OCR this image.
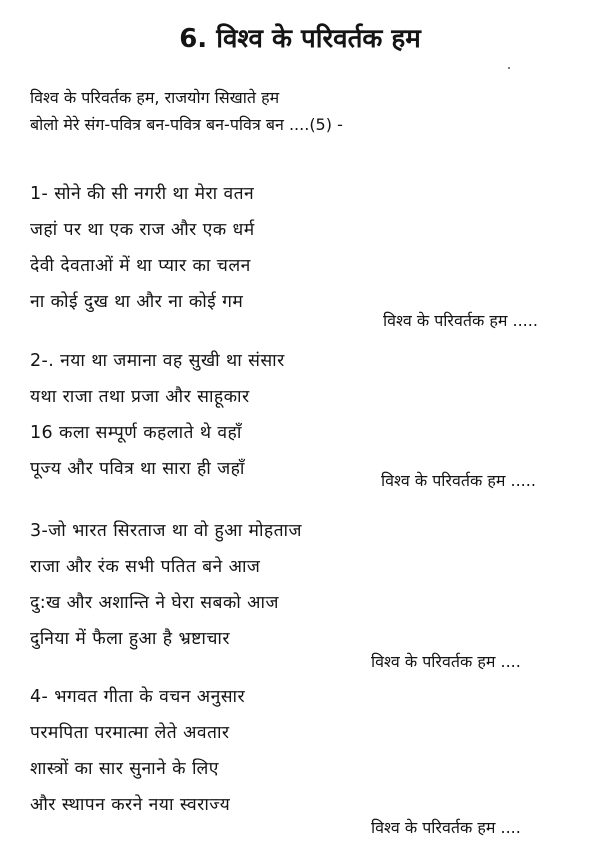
6. विश्व के परिवर्तक हम
विश्व के परिवर्तक हम, राजयोग सिखाते हम
बोलो मेरे संग-पवित्र बन-पवित्र बन-पवित्र बन ....(5) -
1- सोने की सी नगरी था मेरा वतन
जहां पर था एक राज और एक धर्म
देवी देवताओं में था प्यार का चलन
ना कोई दुख था और ना कोई गम
विश्व के परिवर्तक हम .....
2-. नया था जमाना वह सुखी था संसार
यथा राजा तथा प्रजा और साहूकार
16 कला सम्पूर्ण कहलाते थे वहाँ
पूज्य और पवित्र था सारा ही जहाँ
विश्व के परिवर्तक हम .....
3-जो भारत सिरताज था वो हुआ मोहताज
राजा और रंक सभी पतित बने आज
दु:ख और अशान्ति ने घेरा सबको आज
दुनिया में फैला हुआ है भ्रष्टाचार
विश्व के परिवर्तक हम ....
4- भगवत गीता के वचन अनुसार
परमपिता परमात्मा लेते अवतार
शास्त्रों का सार सुनाने के लिए
और स्थापन करने नया स्वराज्य
विश्व के परिवर्तक हम ....
